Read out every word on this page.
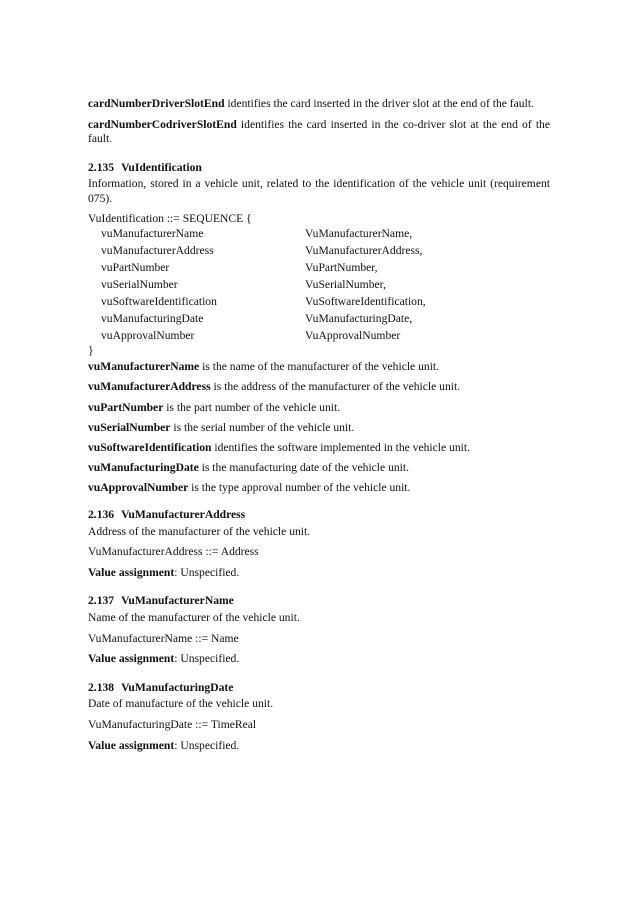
cardNumberDriverSlotEnd identifies the card inserted in the driver slot at the end of the fault.

cardNumberCodriverSlotEnd identifies the card inserted in the co-driver slot at the end of the fault.

2.135 VuIdentification

Information, stored in a vehicle unit, related to the identification of the vehicle unit (requirement 075).

VuIdentification ::= SEQUENCE {

vuManufacturerName	VuManufacturerName,
vuManufacturerAddress	VuManufacturerAddress,
vuPartNumber	VuPartNumber,
vuSerialNumber	VuSerialNumber,
vuSoftwareIdentification	VuSoftwareIdentification,
vuManufacturingDate	VuManufacturingDate,
vuApprovalNumber	VuApprovalNumber

}

vuManufacturerName is the name of the manufacturer of the vehicle unit.

vuManufacturerAddress is the address of the manufacturer of the vehicle unit.

vuPartNumber is the part number of the vehicle unit.

vuSerialNumber is the serial number of the vehicle unit.

vuSoftwareIdentification identifies the software implemented in the vehicle unit.

vuManufacturingDate is the manufacturing date of the vehicle unit.

vuApprovalNumber is the type approval number of the vehicle unit.

2.136 VuManufacturerAddress

Address of the manufacturer of the vehicle unit.

VuManufacturerAddress ::= Address

Value assignment: Unspecified.

2.137 VuManufacturerName

Name of the manufacturer of the vehicle unit.

VuManufacturerName ::= Name

Value assignment: Unspecified.

2.138 VuManufacturingDate

Date of manufacture of the vehicle unit.

VuManufacturingDate ::= TimeReal

Value assignment: Unspecified.
